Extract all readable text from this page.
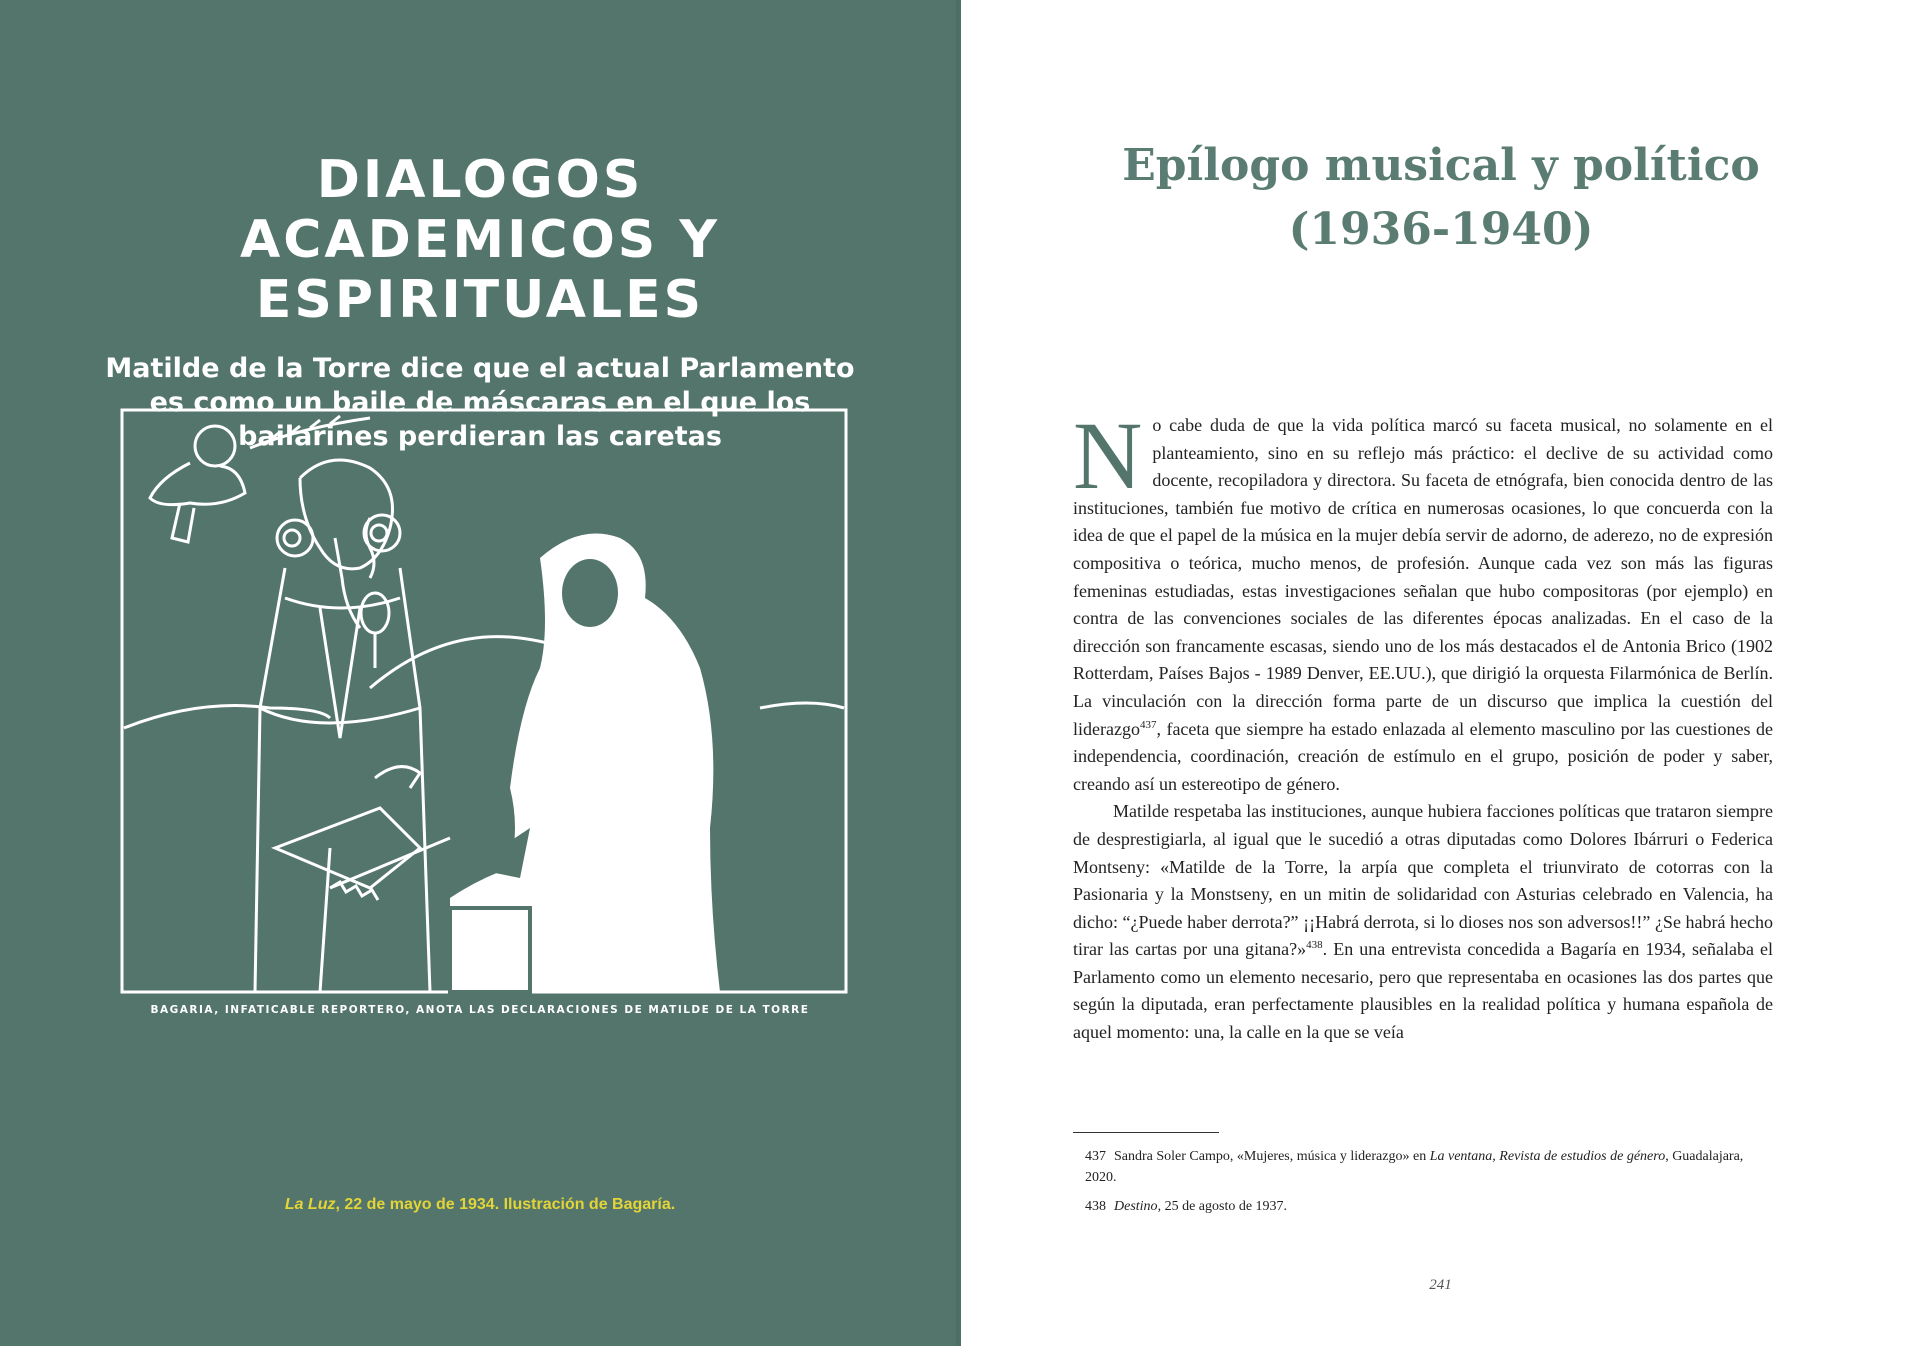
DIALOGOS ACADEMICOS Y ESPIRITUALES

Matilde de la Torre dice que el actual Parlamento es como un baile de máscaras en el que los bailarines perdieran las caretas

BAGARIA, INFATICABLE REPORTERO, ANOTA LAS DECLARACIONES DE MATILDE DE LA TORRE
La Luz, 22 de mayo de 1934. Ilustración de Bagaría.
Epílogo musical y político (1936-1940)

No cabe duda de que la vida política marcó su faceta musical, no solamente en el planteamiento, sino en su reflejo más práctico: el declive de su actividad como docente, recopiladora y directora. Su faceta de etnógrafa, bien conocida dentro de las instituciones, también fue motivo de crítica en numerosas ocasiones, lo que concuerda con la idea de que el papel de la música en la mujer debía servir de adorno, de aderezo, no de expresión compositiva o teórica, mucho menos, de profesión. Aunque cada vez son más las figuras femeninas estudiadas, estas investigaciones señalan que hubo compositoras (por ejemplo) en contra de las convenciones sociales de las diferentes épocas analizadas. En el caso de la dirección son francamente escasas, siendo uno de los más destacados el de Antonia Brico (1902 Rotterdam, Países Bajos - 1989 Denver, EE.UU.), que dirigió la orquesta Filarmónica de Berlín. La vinculación con la dirección forma parte de un discurso que implica la cuestión del liderazgo$^{437}$, faceta que siempre ha estado enlazada al elemento masculino por las cuestiones de independencia, coordinación, creación de estímulo en el grupo, posición de poder y saber, creando así un estereotipo de género.

Matilde respetaba las instituciones, aunque hubiera facciones políticas que trataron siempre de desprestigiarla, al igual que le sucedió a otras diputadas como Dolores Ibárruri o Federica Montseny: «Matilde de la Torre, la arpía que completa el triunvirato de cotorras con la Pasionaria y la Monstseny, en un mitin de solidaridad con Asturias celebrado en Valencia, ha dicho: “¿Puede haber derrota?” ¡¡Habrá derrota, si lo dioses nos son adversos!!” ¿Se habrá hecho tirar las cartas por una gitana?»$^{438}$. En una entrevista concedida a Bagaría en 1934, señalaba el Parlamento como un elemento necesario, pero que representaba en ocasiones las dos partes que según la diputada, eran perfectamente plausibles en la realidad política y humana española de aquel momento: una, la calle en la que se veía

437 Sandra Soler Campo, «Mujeres, música y liderazgo» en La ventana, Revista de estudios de género, Guadalajara, 2020.

438 Destino, 25 de agosto de 1937.

241
